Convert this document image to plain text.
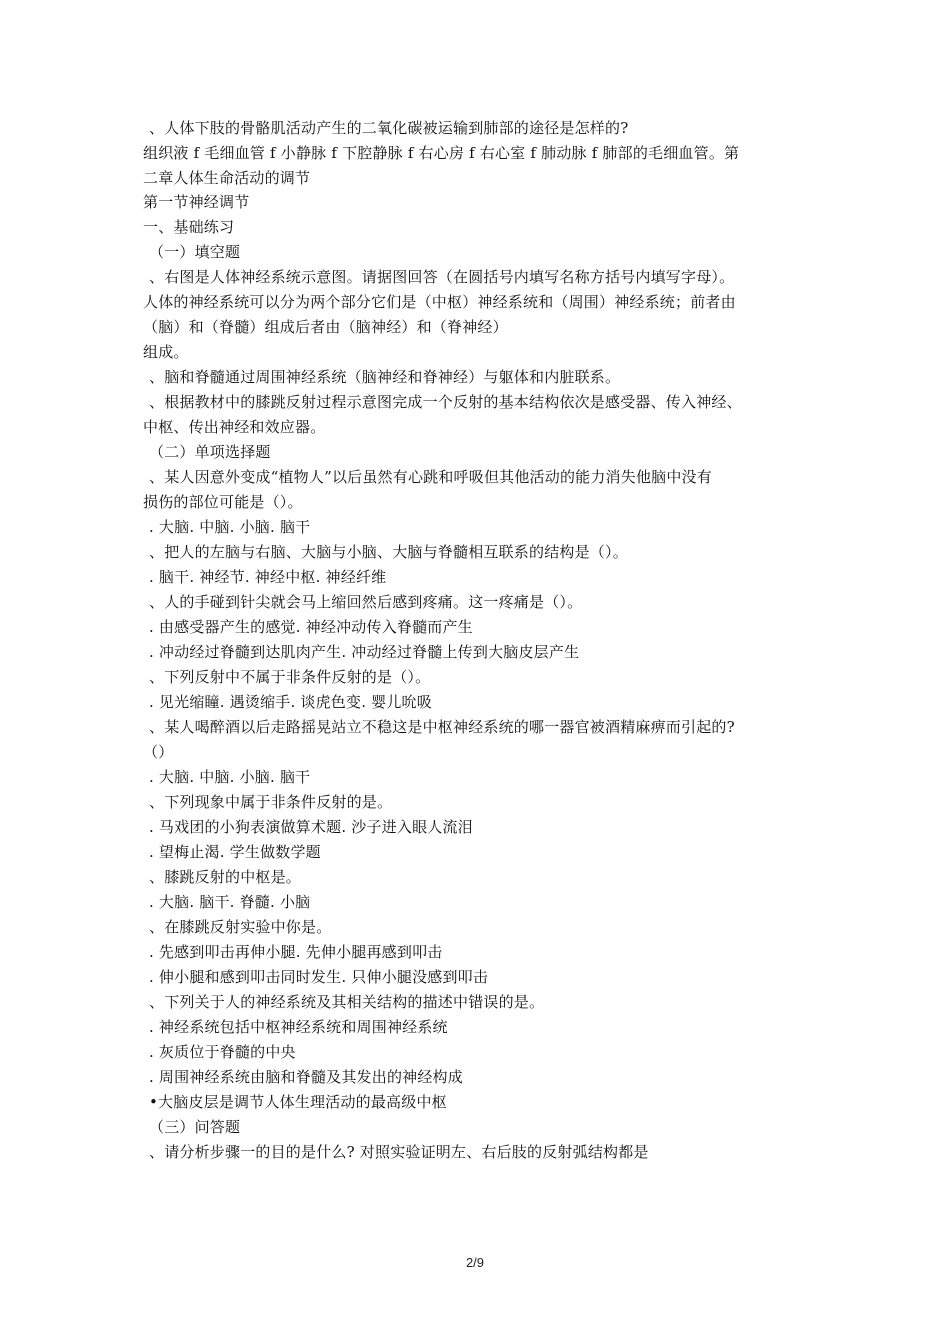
、人体下肢的骨骼肌活动产生的二氧化碳被运输到肺部的途径是怎样的?
组织液 f 毛细血管 f 小静脉 f 下腔静脉 f 右心房 f 右心室 f 肺动脉 f 肺部的毛细血管。第
二章人体生命活动的调节
第一节神经调节
一、基础练习
（一）填空题
、右图是人体神经系统示意图。请据图回答（在圆括号内填写名称方括号内填写字母）。
人体的神经系统可以分为两个部分它们是（中枢）神经系统和（周围）神经系统；前者由
（脑）和（脊髓）组成后者由（脑神经）和（脊神经）
组成。
、脑和脊髓通过周围神经系统（脑神经和脊神经）与躯体和内脏联系。
、根据教材中的膝跳反射过程示意图完成一个反射的基本结构依次是感受器、传入神经、
中枢、传出神经和效应器。
（二）单项选择题
、某人因意外变成“植物人”以后虽然有心跳和呼吸但其他活动的能力消失他脑中没有
损伤的部位可能是（）。
. 大脑. 中脑. 小脑. 脑干
、把人的左脑与右脑、大脑与小脑、大脑与脊髓相互联系的结构是（）。
. 脑干. 神经节. 神经中枢. 神经纤维
、人的手碰到针尖就会马上缩回然后感到疼痛。这一疼痛是（）。
. 由感受器产生的感觉. 神经冲动传入脊髓而产生
. 冲动经过脊髓到达肌肉产生. 冲动经过脊髓上传到大脑皮层产生
、下列反射中不属于非条件反射的是（）。
. 见光缩瞳. 遇烫缩手. 谈虎色变. 婴儿吮吸
、某人喝醉酒以后走路摇晃站立不稳这是中枢神经系统的哪一器官被酒精麻痹而引起的?
（）
. 大脑. 中脑. 小脑. 脑干
、下列现象中属于非条件反射的是。
. 马戏团的小狗表演做算术题. 沙子进入眼人流泪
. 望梅止渴. 学生做数学题
、膝跳反射的中枢是。
. 大脑. 脑干. 脊髓. 小脑
、在膝跳反射实验中你是。
. 先感到叩击再伸小腿. 先伸小腿再感到叩击
. 伸小腿和感到叩击同时发生. 只伸小腿没感到叩击
、下列关于人的神经系统及其相关结构的描述中错误的是。
. 神经系统包括中枢神经系统和周围神经系统
. 灰质位于脊髓的中央
. 周围神经系统由脑和脊髓及其发出的神经构成
•大脑皮层是调节人体生理活动的最高级中枢
（三）问答题
、请分析步骤一的目的是什么? 对照实验证明左、右后肢的反射弧结构都是
2/9
